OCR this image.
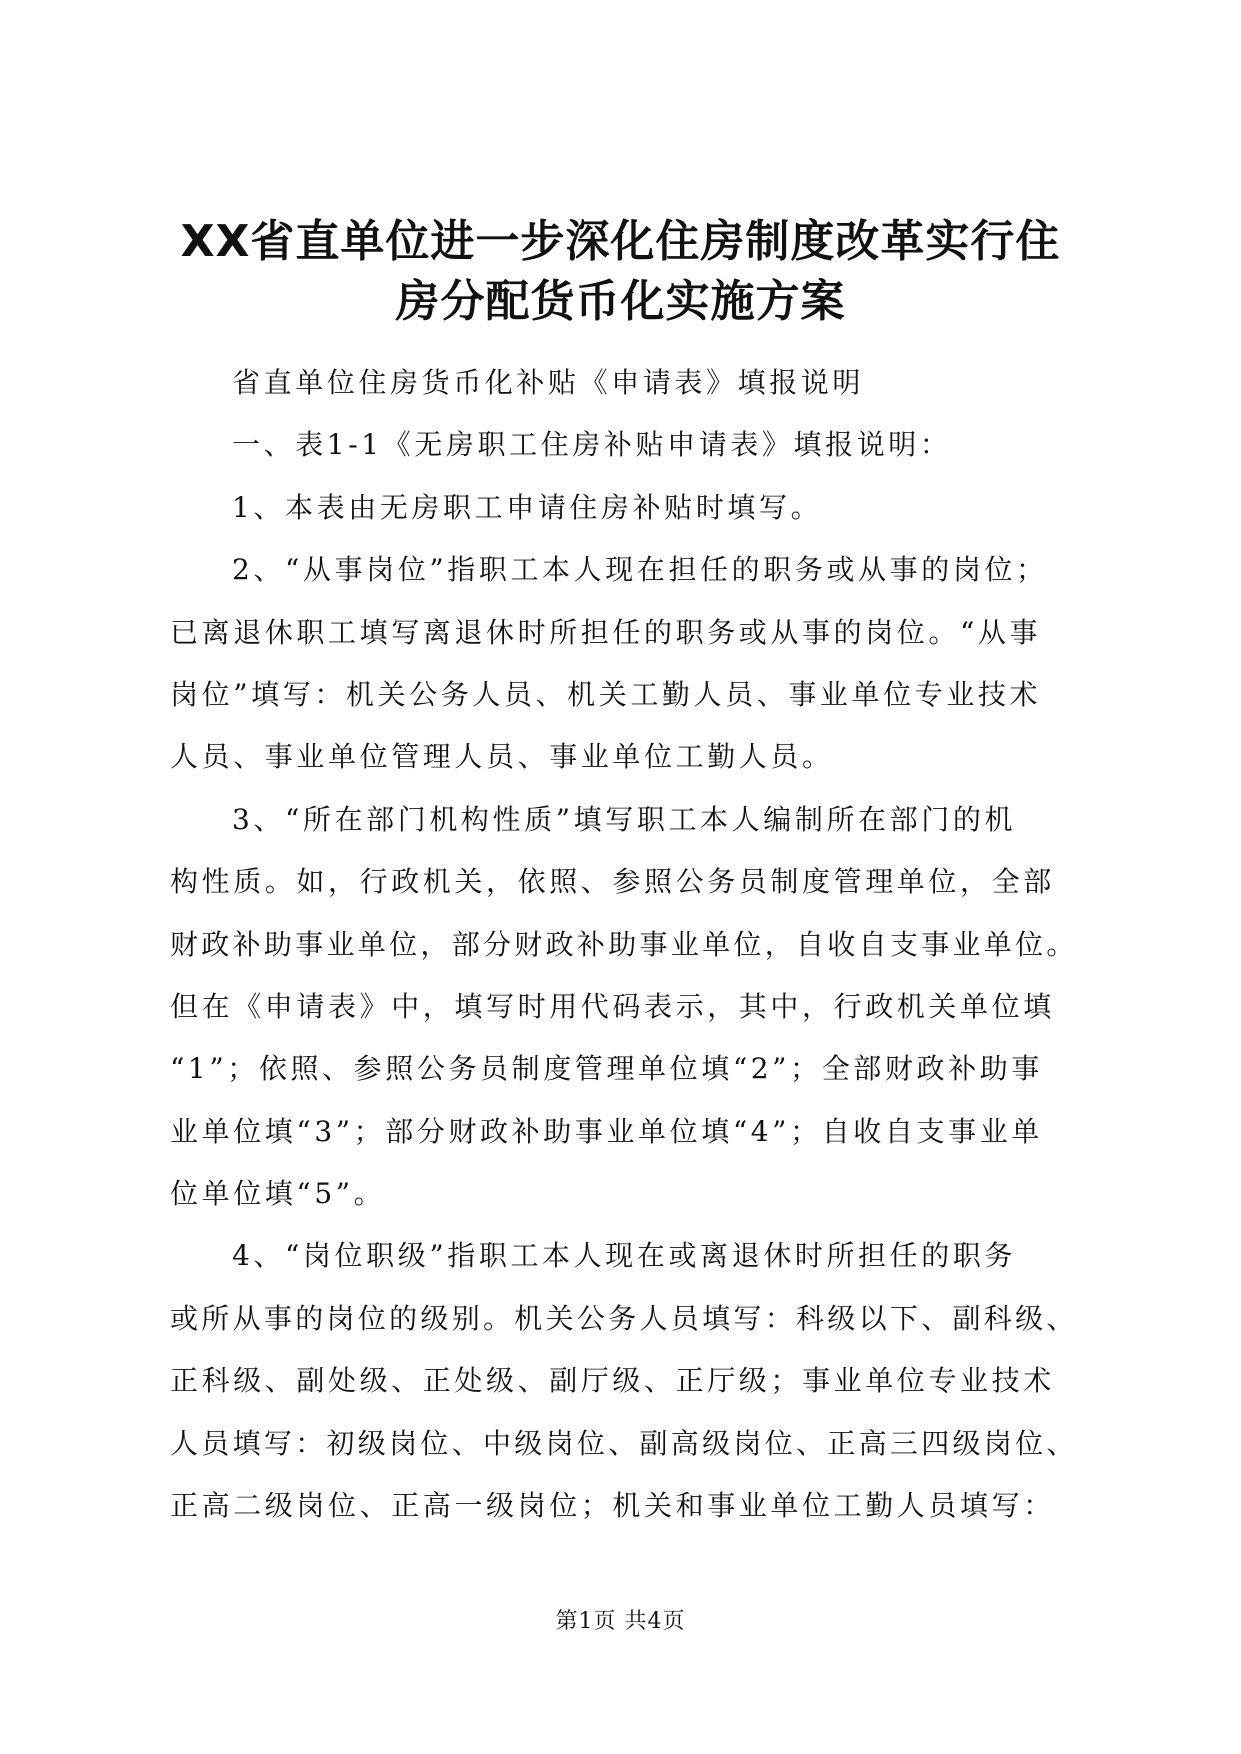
XX省直单位进一步深化住房制度改革实行住
房分配货币化实施方案
省直单位住房货币化补贴《申请表》填报说明
一、表1-1《无房职工住房补贴申请表》填报说明：
1、本表由无房职工申请住房补贴时填写。
2、“从事岗位”指职工本人现在担任的职务或从事的岗位；
已离退休职工填写离退休时所担任的职务或从事的岗位。“从事
岗位”填写：机关公务人员、机关工勤人员、事业单位专业技术
人员、事业单位管理人员、事业单位工勤人员。
3、“所在部门机构性质”填写职工本人编制所在部门的机
构性质。如，行政机关，依照、参照公务员制度管理单位，全部
财政补助事业单位，部分财政补助事业单位，自收自支事业单位。
但在《申请表》中，填写时用代码表示，其中，行政机关单位填
“1”；依照、参照公务员制度管理单位填“2”；全部财政补助事
业单位填“3”；部分财政补助事业单位填“4”；自收自支事业单
位单位填“5”。
4、“岗位职级”指职工本人现在或离退休时所担任的职务
或所从事的岗位的级别。机关公务人员填写：科级以下、副科级、
正科级、副处级、正处级、副厅级、正厅级；事业单位专业技术
人员填写：初级岗位、中级岗位、副高级岗位、正高三四级岗位、
正高二级岗位、正高一级岗位；机关和事业单位工勤人员填写：
第1页 共4页
